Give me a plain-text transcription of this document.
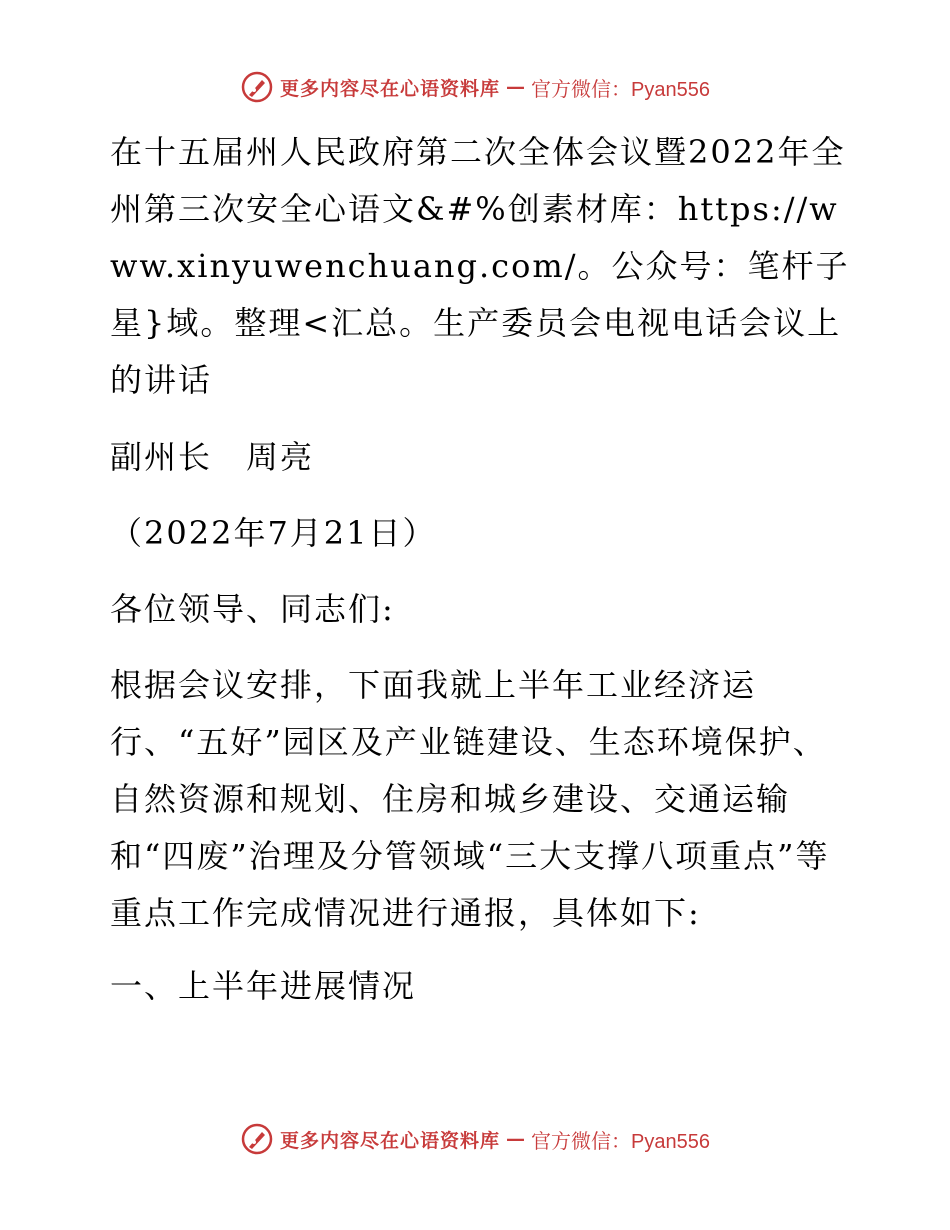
更多内容尽在心语资料库 — 官方微信：Pyan556

在十五届州人民政府第二次全体会议暨2022年全州第三次安全心语文&#%创素材库：https://www.xinyuwenchuang.com/。公众号：笔杆子星}域。整理<汇总。生产委员会电视电话会议上的讲话

副州长　周亮

（2022年7月21日）

各位领导、同志们:

根据会议安排，下面我就上半年工业经济运行、“五好”园区及产业链建设、生态环境保护、自然资源和规划、住房和城乡建设、交通运输和“四废”治理及分管领域“三大支撑八项重点”等重点工作完成情况进行通报，具体如下:

一、上半年进展情况

更多内容尽在心语资料库 — 官方微信：Pyan556
